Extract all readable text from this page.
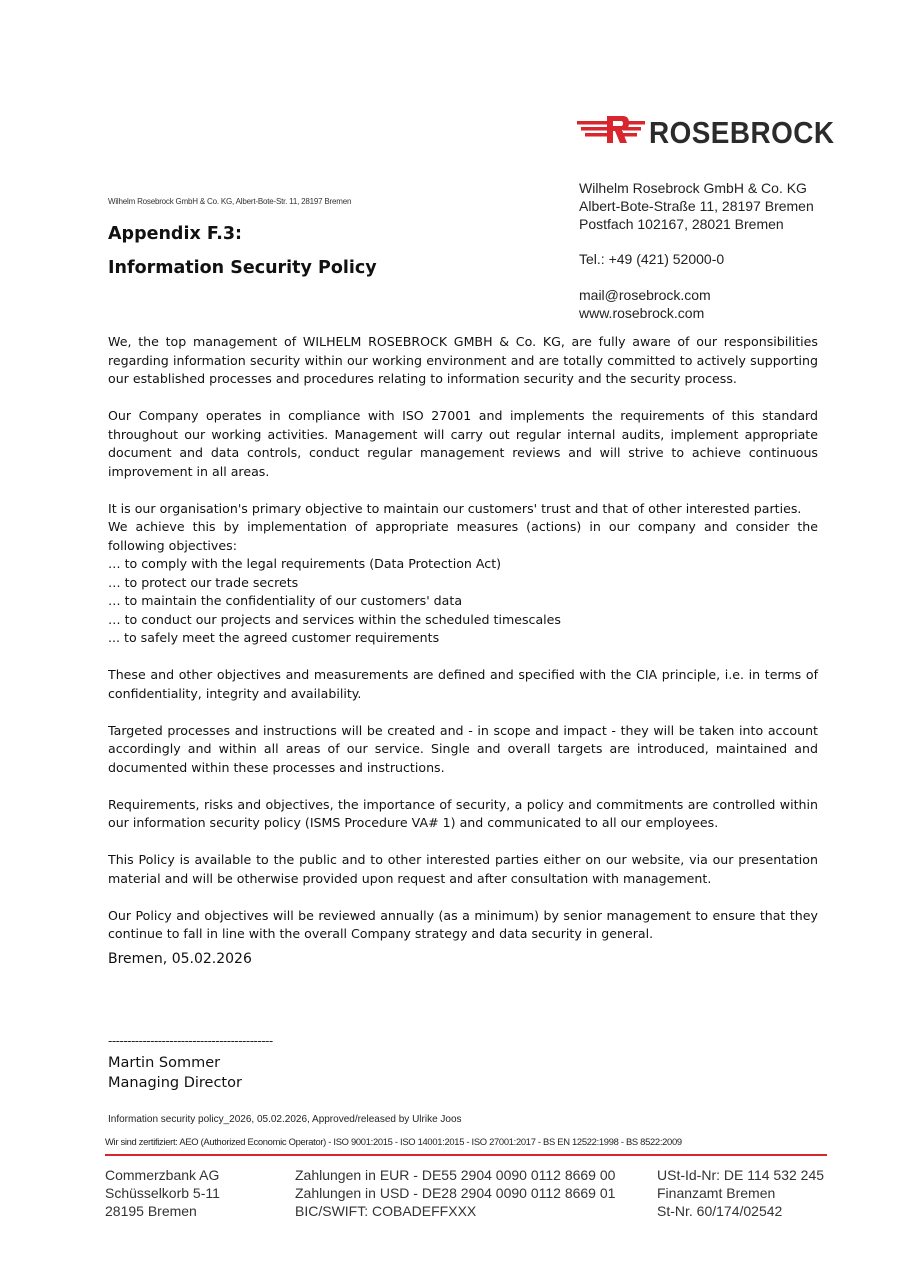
ROSEBROCK
Wilhelm Rosebrock GmbH & Co. KG, Albert-Bote-Str. 11, 28197 Bremen
Wilhelm Rosebrock GmbH & Co. KG
Albert-Bote-Straße 11, 28197 Bremen
Postfach 102167, 28021 Bremen
Tel.: +49 (421) 52000-0
mail@rosebrock.com
www.rosebrock.com
Appendix F.3:
Information Security Policy

We, the top management of WILHELM ROSEBROCK GMBH & Co. KG, are fully aware of our responsibilities regarding information security within our working environment and are totally committed to actively supporting our established processes and procedures relating to information security and the security process.

Our Company operates in compliance with ISO 27001 and implements the requirements of this standard throughout our working activities. Management will carry out regular internal audits, implement appropriate document and data controls, conduct regular management reviews and will strive to achieve continuous improvement in all areas.

It is our organisation's primary objective to maintain our customers' trust and that of other interested parties.

We achieve this by implementation of appropriate measures (actions) in our company and consider the following objectives:

… to comply with the legal requirements (Data Protection Act)
… to protect our trade secrets
… to maintain the confidentiality of our customers' data
… to conduct our projects and services within the scheduled timescales
... to safely meet the agreed customer requirements

These and other objectives and measurements are defined and specified with the CIA principle, i.e. in terms of confidentiality, integrity and availability.

Targeted processes and instructions will be created and - in scope and impact - they will be taken into account accordingly and within all areas of our service. Single and overall targets are introduced, maintained and documented within these processes and instructions.

Requirements, risks and objectives, the importance of security, a policy and commitments are controlled within our information security policy (ISMS Procedure VA# 1) and communicated to all our employees.

This Policy is available to the public and to other interested parties either on our website, via our presentation material and will be otherwise provided upon request and after consultation with management.

Our Policy and objectives will be reviewed annually (as a minimum) by senior management to ensure that they continue to fall in line with the overall Company strategy and data security in general.

Bremen, 05.02.2026
-------------------------------------------
Martin Sommer
Managing Director
Information security policy_2026, 05.02.2026, Approved/released by Ulrike Joos
Wir sind zertifiziert: AEO (Authorized Economic Operator) - ISO 9001:2015 - ISO 14001:2015 - ISO 27001:2017 - BS EN 12522:1998 - BS 8522:2009
Commerzbank AG
Schüsselkorb 5-11
28195 Bremen
Zahlungen in EUR - DE55 2904 0090 0112 8669 00
Zahlungen in USD - DE28 2904 0090 0112 8669 01
BIC/SWIFT: COBADEFFXXX
USt-Id-Nr: DE 114 532 245
Finanzamt Bremen
St-Nr. 60/174/02542
